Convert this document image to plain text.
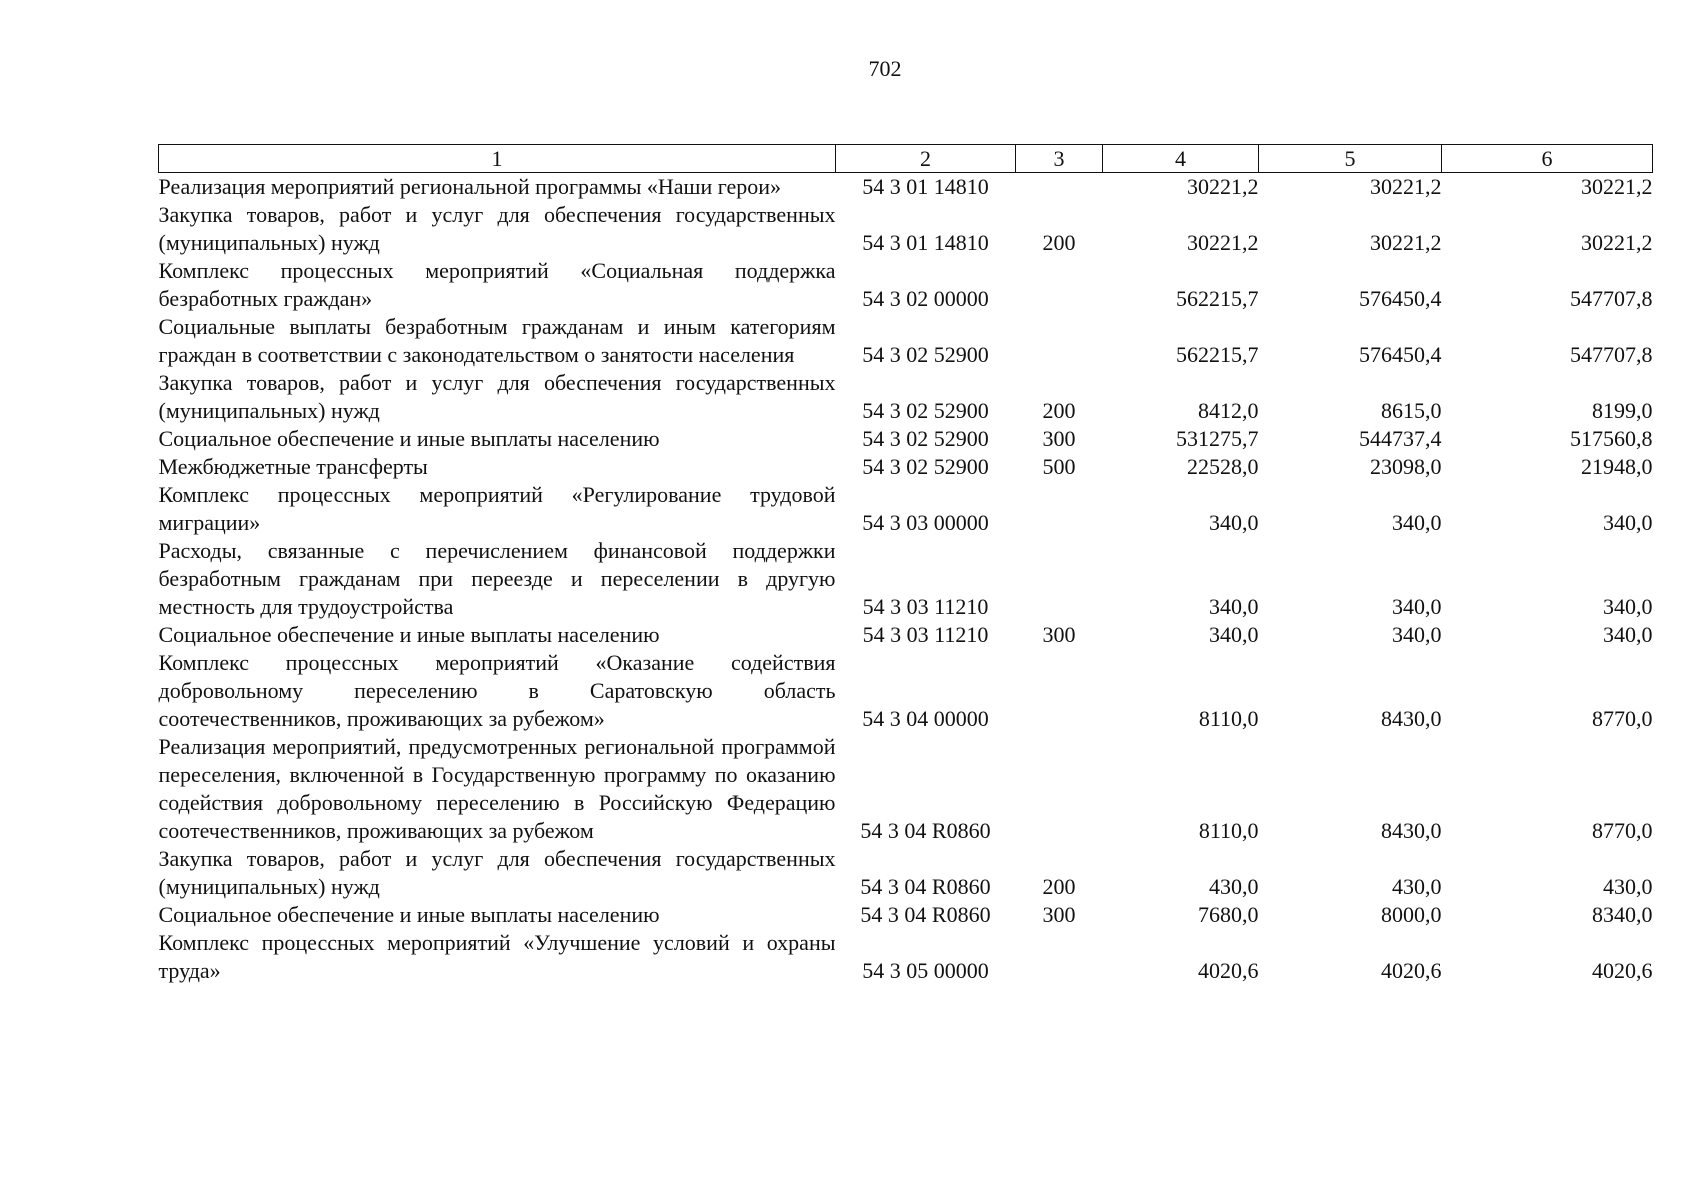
702
1	2	3	4	5	6
Реализация мероприятий региональной программы «Наши герои»	54 3 01 14810		30221,2	30221,2	30221,2
Закупка товаров, работ и услуг для обеспечения государственных (муниципальных) нужд	54 3 01 14810	200	30221,2	30221,2	30221,2
Комплекс процессных мероприятий «Социальная поддержка безработных граждан»	54 3 02 00000		562215,7	576450,4	547707,8
Социальные выплаты безработным гражданам и иным категориям граждан в соответствии с законодательством о занятости населения	54 3 02 52900		562215,7	576450,4	547707,8
Закупка товаров, работ и услуг для обеспечения государственных (муниципальных) нужд	54 3 02 52900	200	8412,0	8615,0	8199,0
Социальное обеспечение и иные выплаты населению	54 3 02 52900	300	531275,7	544737,4	517560,8
Межбюджетные трансферты	54 3 02 52900	500	22528,0	23098,0	21948,0
Комплекс процессных мероприятий «Регулирование трудовой миграции»	54 3 03 00000		340,0	340,0	340,0
Расходы, связанные с перечислением финансовой поддержки безработным гражданам при переезде и переселении в другую местность для трудоустройства	54 3 03 11210		340,0	340,0	340,0
Социальное обеспечение и иные выплаты населению	54 3 03 11210	300	340,0	340,0	340,0
Комплекс процессных мероприятий «Оказание содействия добровольному переселению в Саратовскую область соотечественников, проживающих за рубежом»	54 3 04 00000		8110,0	8430,0	8770,0
Реализация мероприятий, предусмотренных региональной программой переселения, включенной в Государственную программу по оказанию содействия добровольному переселению в Российскую Федерацию соотечественников, проживающих за рубежом	54 3 04 R0860		8110,0	8430,0	8770,0
Закупка товаров, работ и услуг для обеспечения государственных (муниципальных) нужд	54 3 04 R0860	200	430,0	430,0	430,0
Социальное обеспечение и иные выплаты населению	54 3 04 R0860	300	7680,0	8000,0	8340,0
Комплекс процессных мероприятий «Улучшение условий и охраны труда»	54 3 05 00000		4020,6	4020,6	4020,6
